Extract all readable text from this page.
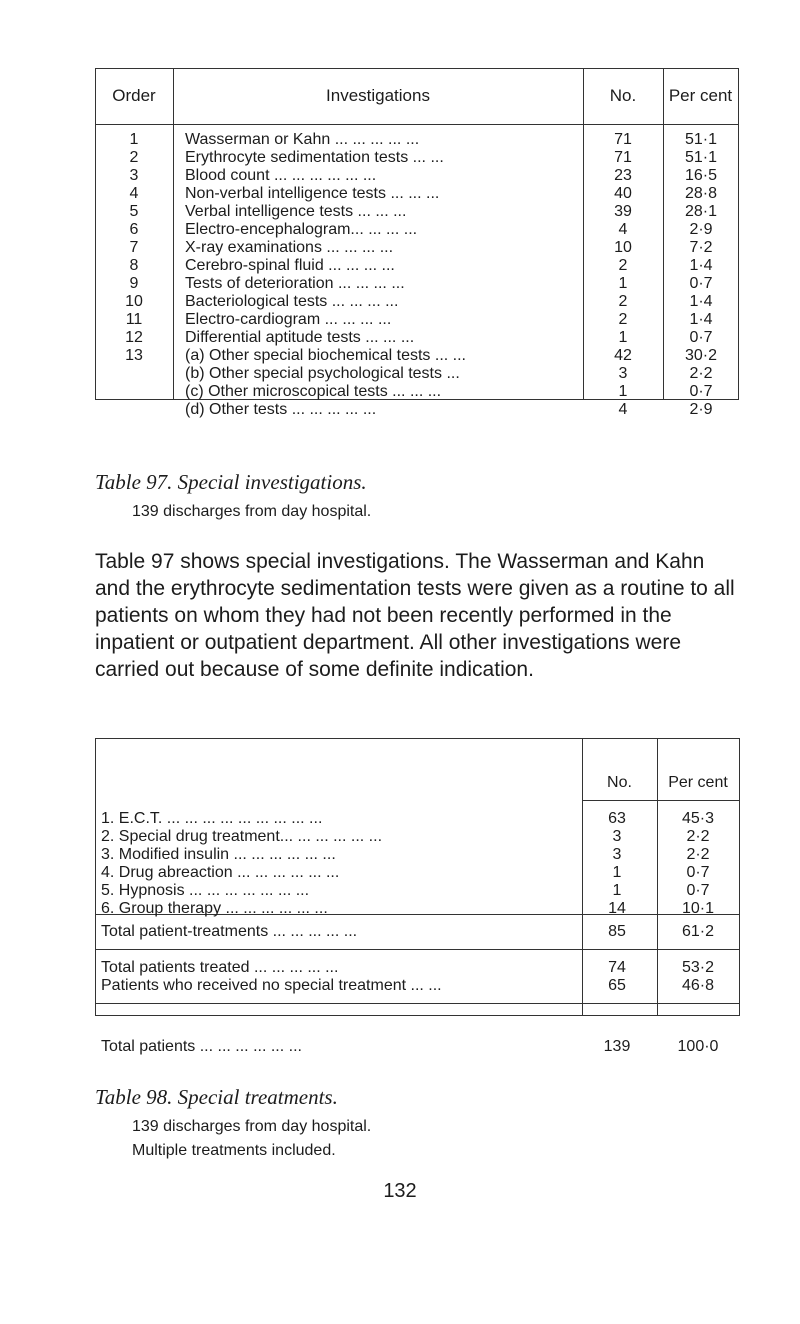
Order	Investigations	No.	Per cent
1	Wasserman or Kahn ... ... ... ... ...	71	51·1
2	Erythrocyte sedimentation tests ... ...	71	51·1
3	Blood count ... ... ... ... ... ...	23	16·5
4	Non-verbal intelligence tests ... ... ...	40	28·8
5	Verbal intelligence tests ... ... ...	39	28·1
6	Electro-encephalogram... ... ... ...	4	2·9
7	X-ray examinations ... ... ... ...	10	7·2
8	Cerebro-spinal fluid ... ... ... ...	2	1·4
9	Tests of deterioration ... ... ... ...	1	0·7
10	Bacteriological tests ... ... ... ...	2	1·4
11	Electro-cardiogram ... ... ... ...	2	1·4
12	Differential aptitude tests ... ... ...	1	0·7
13	(a) Other special biochemical tests ... ...	42	30·2
(b) Other special psychological tests ...	3	2·2
(c) Other microscopical tests ... ... ...	1	0·7
(d) Other tests ... ... ... ... ...	4	2·9
Table 97. Special investigations.
139 discharges from day hospital.

Table 97 shows special investigations. The Wasserman and Kahn and the erythrocyte sedimentation tests were given as a routine to all patients on whom they had not been recently performed in the inpatient or outpatient department. All other investigations were carried out because of some definite indication.

No.	Per cent
1. E.C.T. ... ... ... ... ... ... ... ... ...	63	45·3
2. Special drug treatment... ... ... ... ... ...	3	2·2
3. Modified insulin ... ... ... ... ... ...	3	2·2
4. Drug abreaction ... ... ... ... ... ...	1	0·7
5. Hypnosis ... ... ... ... ... ... ...	1	0·7
6. Group therapy ... ... ... ... ... ...	14	10·1
Total patient-treatments ... ... ... ... ...	85	61·2
Total patients treated ... ... ... ... ...	74	53·2
Patients who received no special treatment ... ...	65	46·8
Total patients ... ... ... ... ... ...	139	100·0
Table 98. Special treatments.
139 discharges from day hospital.
Multiple treatments included.
132
